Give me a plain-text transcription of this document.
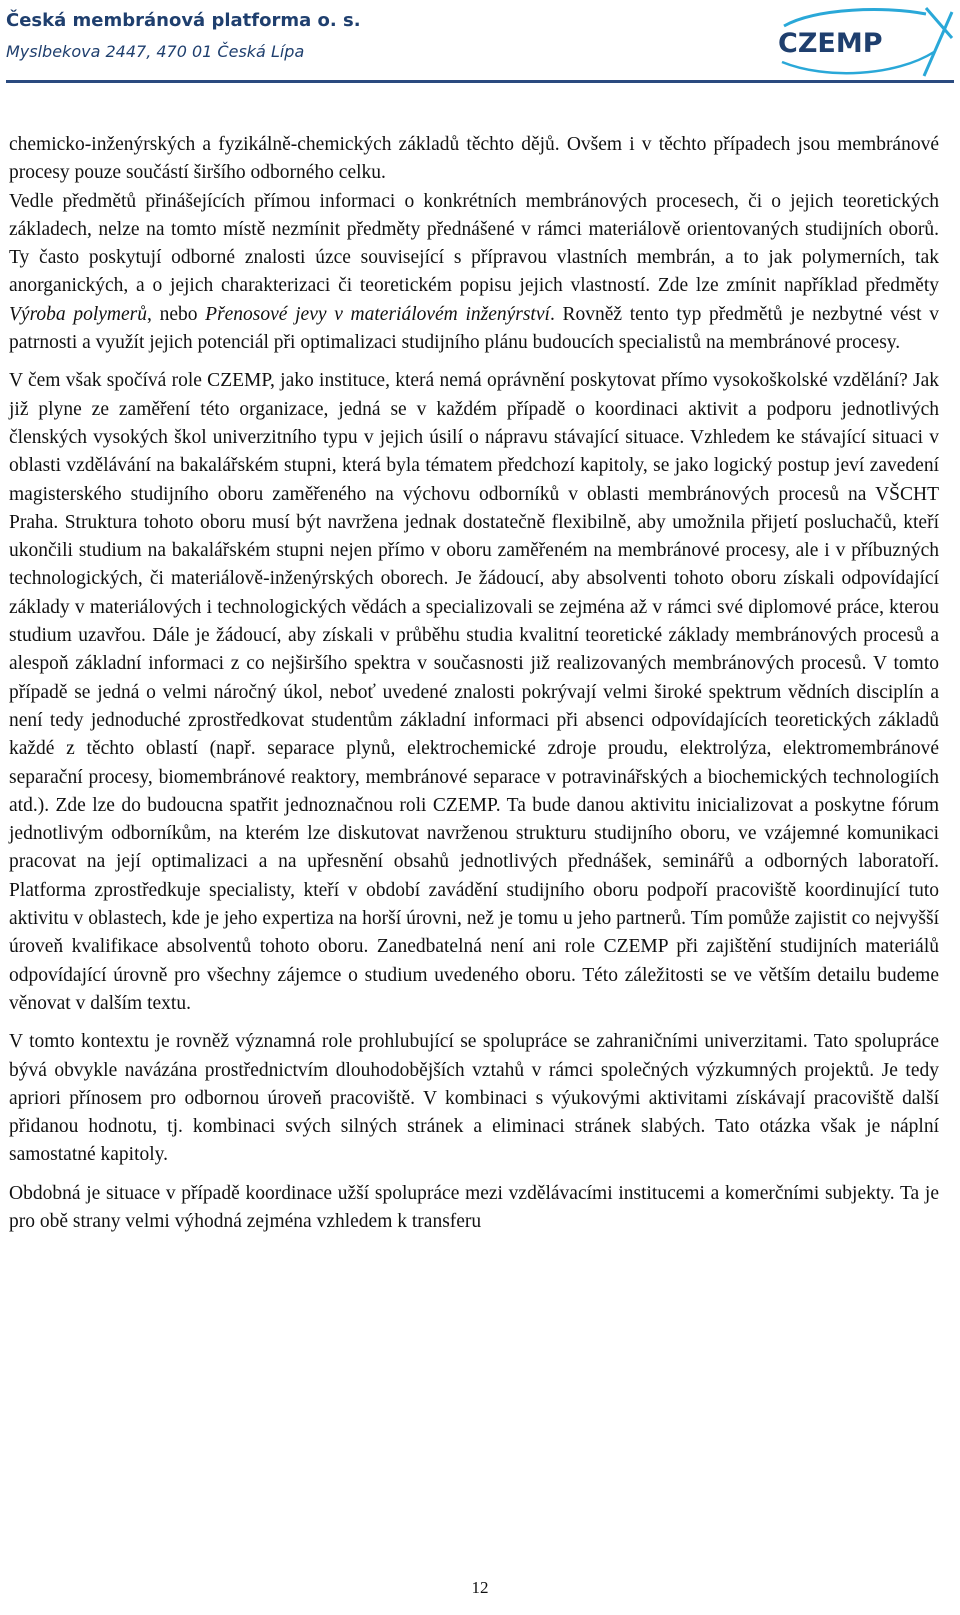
Česká membránová platforma o. s.
Myslbekova 2447, 470 01 Česká Lípa	CZEMP

chemicko-inženýrských a fyzikálně-chemických základů těchto dějů. Ovšem i v těchto případech jsou membránové procesy pouze součástí širšího odborného celku.

Vedle předmětů přinášejících přímou informaci o konkrétních membránových procesech, či o jejich teoretických základech, nelze na tomto místě nezmínit předměty přednášené v rámci materiálově orientovaných studijních oborů. Ty často poskytují odborné znalosti úzce související s přípravou vlastních membrán, a to jak polymerních, tak anorganických, a o jejich charakterizaci či teoretickém popisu jejich vlastností. Zde lze zmínit například předměty Výroba polymerů, nebo Přenosové jevy v materiálovém inženýrství. Rovněž tento typ předmětů je nezbytné vést v patrnosti a využít jejich potenciál při optimalizaci studijního plánu budoucích specialistů na membránové procesy.

V čem však spočívá role CZEMP, jako instituce, která nemá oprávnění poskytovat přímo vysokoškolské vzdělání? Jak již plyne ze zaměření této organizace, jedná se v každém případě o koordinaci aktivit a podporu jednotlivých členských vysokých škol univerzitního typu v jejich úsilí o nápravu stávající situace. Vzhledem ke stávající situaci v oblasti vzdělávání na bakalářském stupni, která byla tématem předchozí kapitoly, se jako logický postup jeví zavedení magisterského studijního oboru zaměřeného na výchovu odborníků v oblasti membránových procesů na VŠCHT Praha. Struktura tohoto oboru musí být navržena jednak dostatečně flexibilně, aby umožnila přijetí posluchačů, kteří ukončili studium na bakalářském stupni nejen přímo v oboru zaměřeném na membránové procesy, ale i v příbuzných technologických, či materiálově-inženýrských oborech. Je žádoucí, aby absolventi tohoto oboru získali odpovídající základy v materiálových i technologických vědách a specializovali se zejména až v rámci své diplomové práce, kterou studium uzavřou. Dále je žádoucí, aby získali v průběhu studia kvalitní teoretické základy membránových procesů a alespoň základní informaci z co nejširšího spektra v současnosti již realizovaných membránových procesů. V tomto případě se jedná o velmi náročný úkol, neboť uvedené znalosti pokrývají velmi široké spektrum vědních disciplín a není tedy jednoduché zprostředkovat studentům základní informaci při absenci odpovídajících teoretických základů každé z těchto oblastí (např. separace plynů, elektrochemické zdroje proudu, elektrolýza, elektromembránové separační procesy, biomembránové reaktory, membránové separace v potravinářských a biochemických technologiích atd.). Zde lze do budoucna spatřit jednoznačnou roli CZEMP. Ta bude danou aktivitu inicializovat a poskytne fórum jednotlivým odborníkům, na kterém lze diskutovat navrženou strukturu studijního oboru, ve vzájemné komunikaci pracovat na její optimalizaci a na upřesnění obsahů jednotlivých přednášek, seminářů a odborných laboratoří. Platforma zprostředkuje specialisty, kteří v období zavádění studijního oboru podpoří pracoviště koordinující tuto aktivitu v oblastech, kde je jeho expertiza na horší úrovni, než je tomu u jeho partnerů. Tím pomůže zajistit co nejvyšší úroveň kvalifikace absolventů tohoto oboru. Zanedbatelná není ani role CZEMP při zajištění studijních materiálů odpovídající úrovně pro všechny zájemce o studium uvedeného oboru. Této záležitosti se ve větším detailu budeme věnovat v dalším textu.

V tomto kontextu je rovněž významná role prohlubující se spolupráce se zahraničními univerzitami. Tato spolupráce bývá obvykle navázána prostřednictvím dlouhodobějších vztahů v rámci společných výzkumných projektů. Je tedy apriori přínosem pro odbornou úroveň pracoviště. V kombinaci s výukovými aktivitami získávají pracoviště další přidanou hodnotu, tj. kombinaci svých silných stránek a eliminaci stránek slabých. Tato otázka však je náplní samostatné kapitoly.

Obdobná je situace v případě koordinace užší spolupráce mezi vzdělávacími institucemi a komerčními subjekty. Ta je pro obě strany velmi výhodná zejména vzhledem k transferu

12
